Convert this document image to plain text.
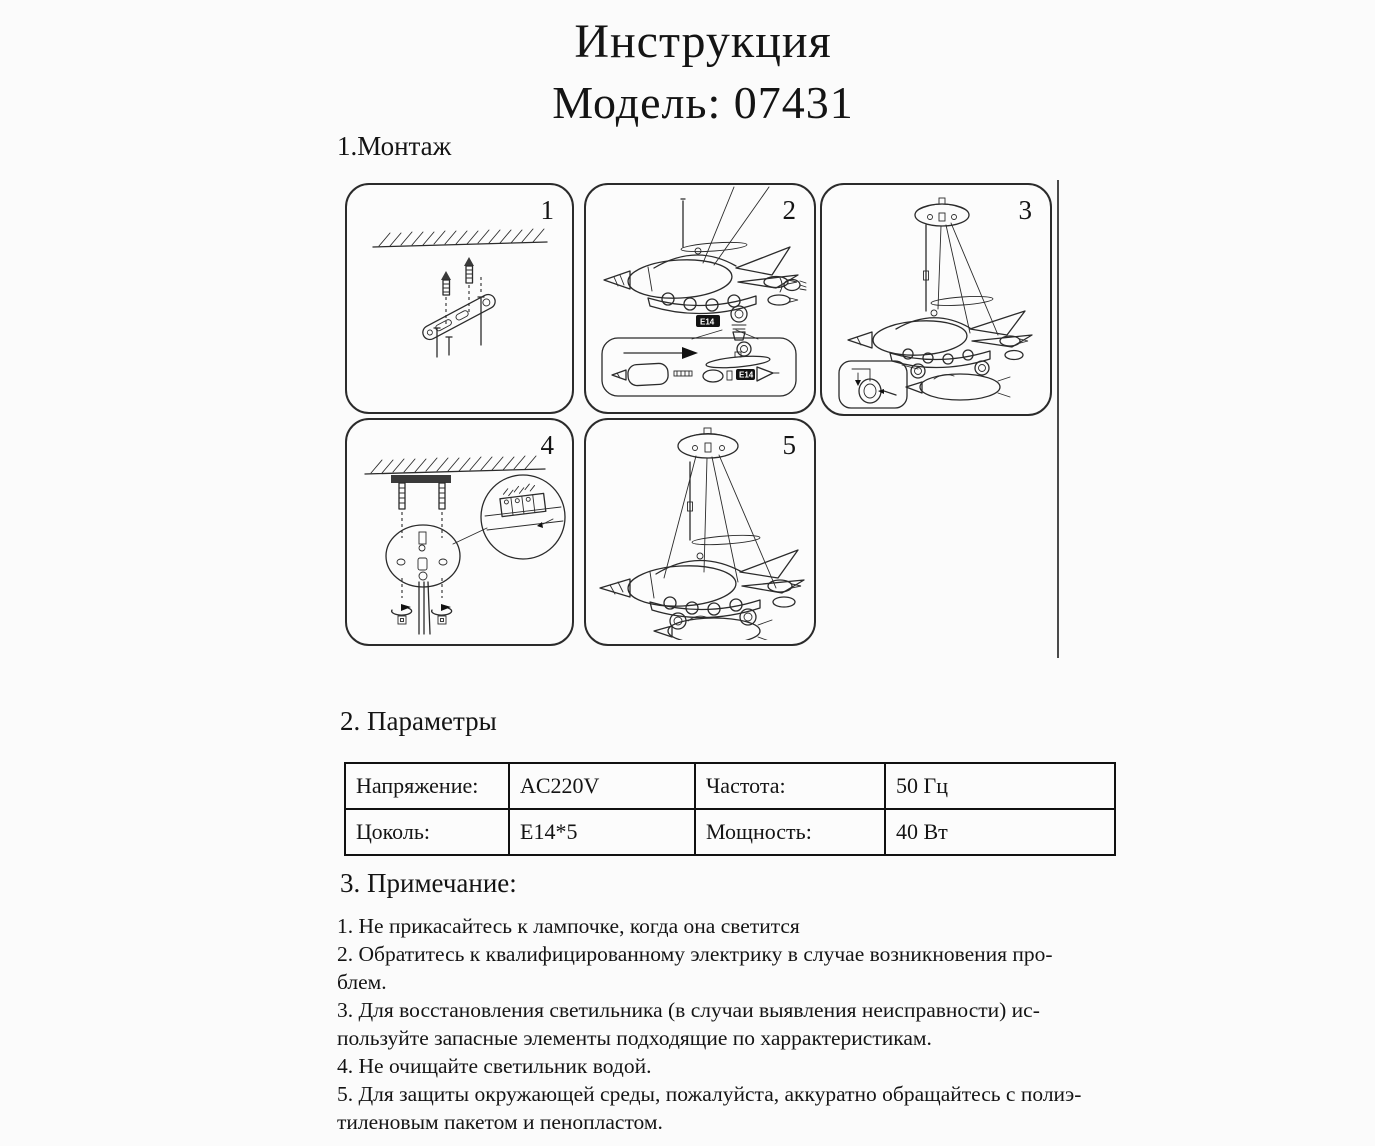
Инструкция
Модель: 07431
1.Монтаж
1
E14
E14
2	3
4	5
2. Параметры
Напряжение:	AC220V	Частота:	50 Гц
Цоколь:	E14*5	Мощность:	40 Вт
3. Примечание:
1. Не прикасайтесь к лампочке, когда она светится
2. Обратитесь к квалифицированному электрику в случае возникновения про-
блем.
3. Для восстановления светильника (в случаи выявления неисправности) ис-
пользуйте запасные элементы подходящие по харрактеристикам.
4. Не очищайте светильник водой.
5. Для защиты окружающей среды, пожалуйста, аккуратно обращайтесь с полиэ-
тиленовым пакетом и пенопластом.
